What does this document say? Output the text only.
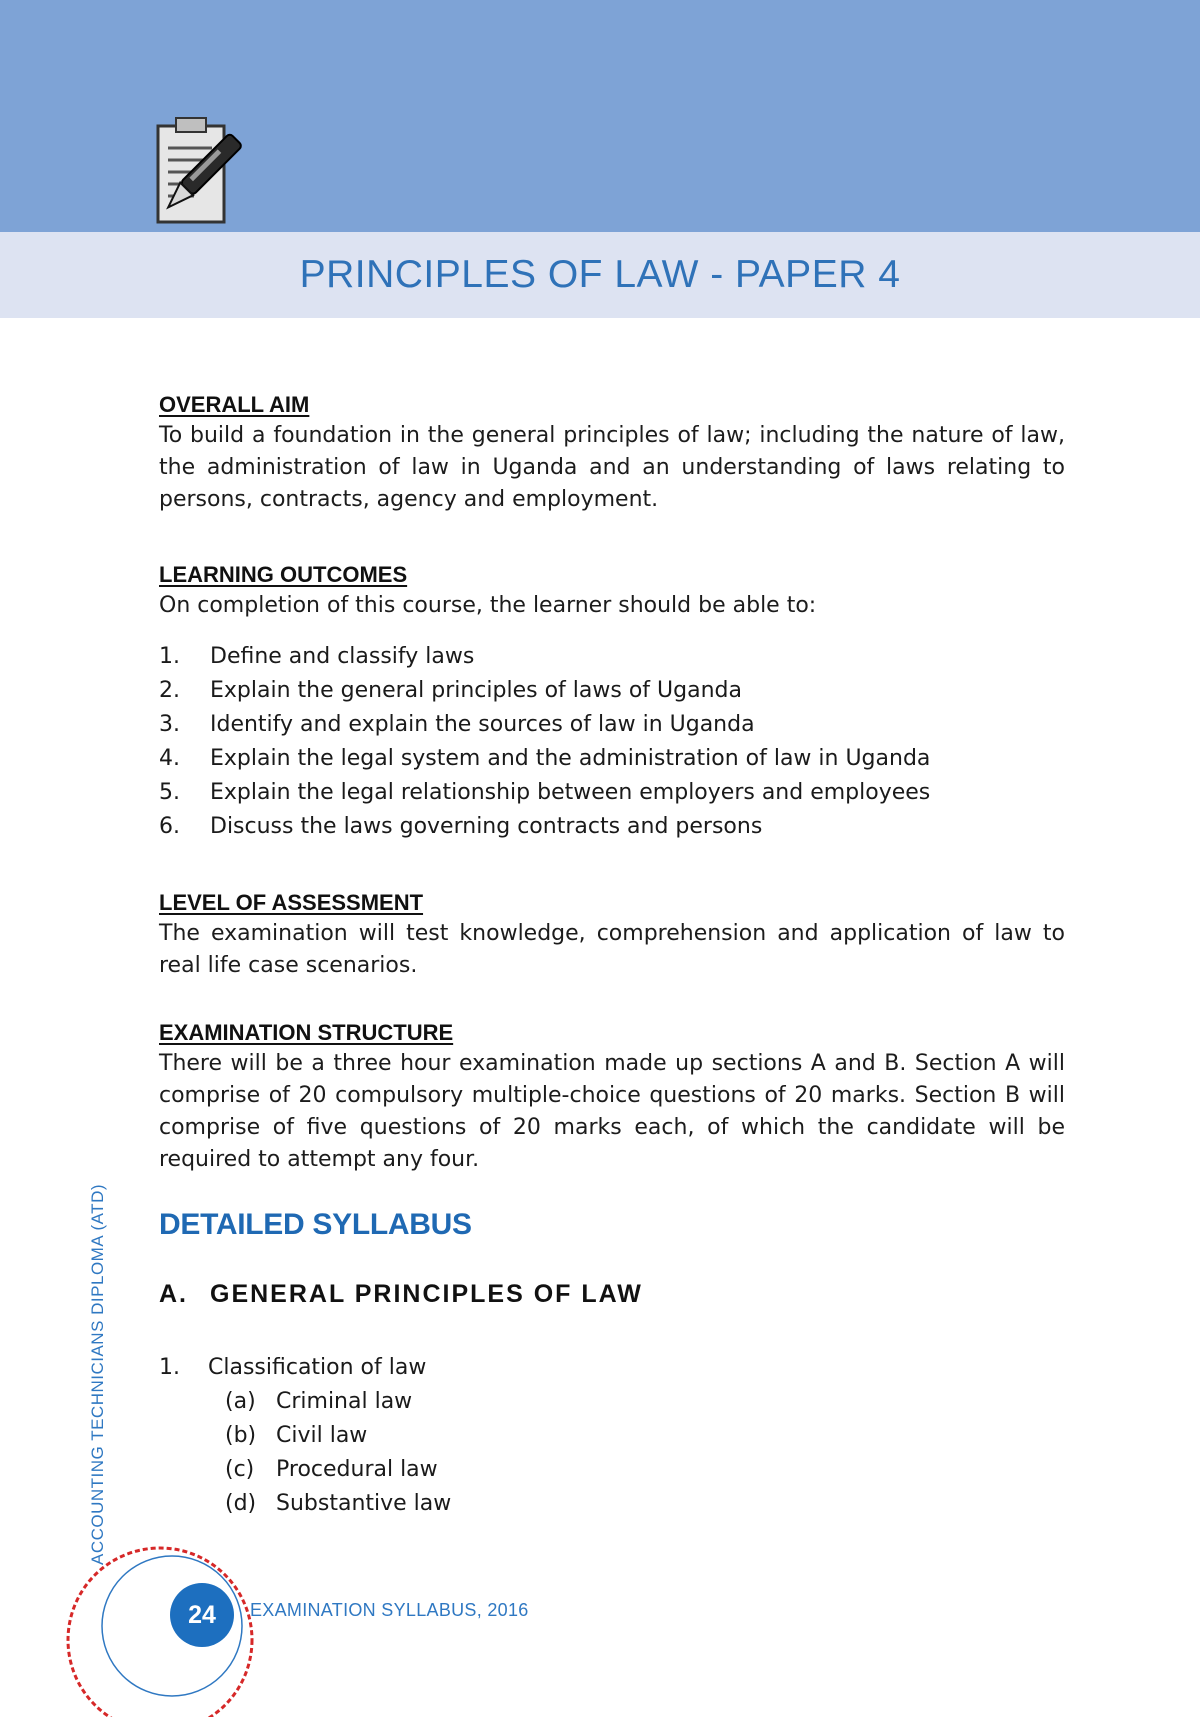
PRINCIPLES OF LAW - PAPER 4
OVERALL AIM

To build a foundation in the general principles of law; including the nature of law, the administration of law in Uganda and an understanding of laws relating to persons, contracts, agency and employment.

LEARNING OUTCOMES

On completion of this course, the learner should be able to:

1.	Define and classify laws
2.	Explain the general principles of laws of Uganda
3.	Identify and explain the sources of law in Uganda
4.	Explain the legal system and the administration of law in Uganda
5.	Explain the legal relationship between employers and employees
6.	Discuss the laws governing contracts and persons
LEVEL OF ASSESSMENT

The examination will test knowledge, comprehension and application of law to real life case scenarios.

EXAMINATION STRUCTURE

There will be a three hour examination made up sections A and B. Section A will comprise of 20 compulsory multiple-choice questions of 20 marks. Section B will comprise of five questions of 20 marks each, of which the candidate will be required to attempt any four.

DETAILED SYLLABUS
A. GENERAL PRINCIPLES OF LAW
1.	Classification of law
(a) Criminal law
(b) Civil law
(c) Procedural law
(d) Substantive law
ACCOUNTING TECHNICIANS DIPLOMA (ATD)
24	EXAMINATION SYLLABUS, 2016
